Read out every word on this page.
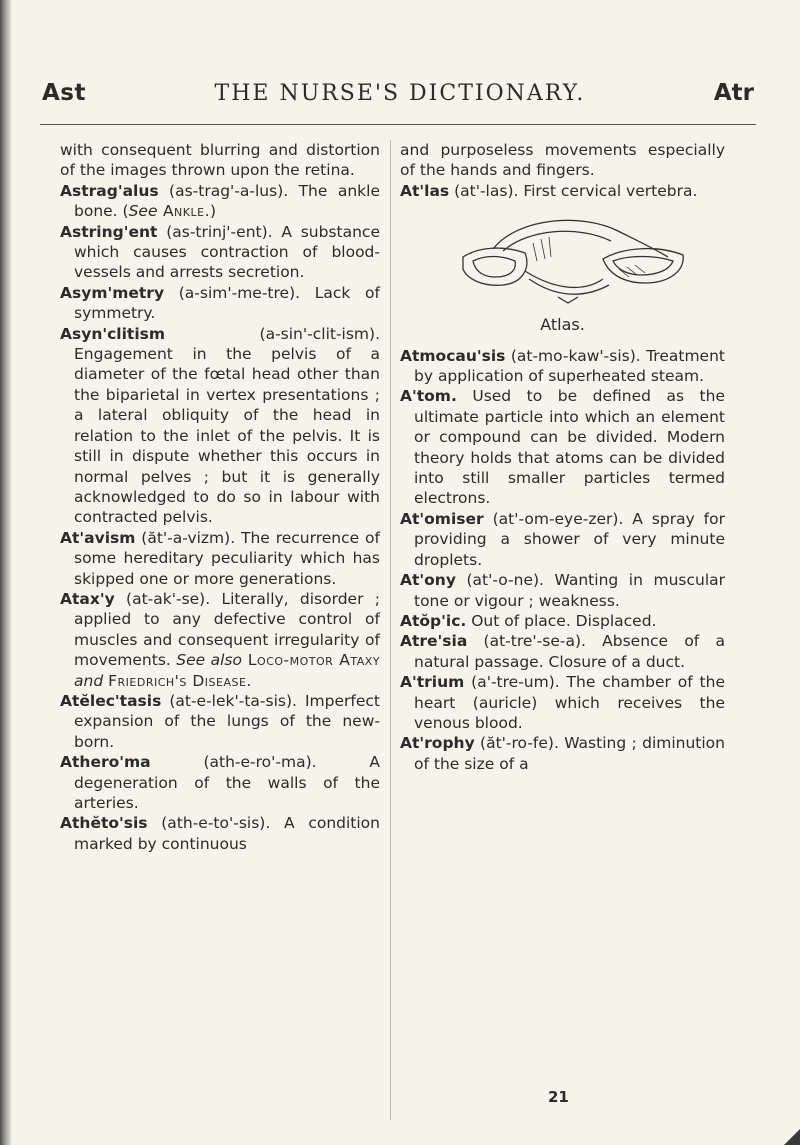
Ast	THE NURSE'S DICTIONARY.	Atr

with consequent blurring and distortion of the images thrown upon the retina.

Astrag'alus (as-trag'-a-lus). The ankle bone. (See Ankle.)

Astring'ent (as-trinj'-ent). A substance which causes contraction of blood-vessels and arrests secretion.

Asym'metry (a-sim'-me-tre). Lack of symmetry.

Asyn'clitism (a-sin'-clit-ism). Engagement in the pelvis of a diameter of the fœtal head other than the biparietal in vertex presentations ; a lateral obliquity of the head in relation to the inlet of the pelvis. It is still in dispute whether this occurs in normal pelves ; but it is generally acknowledged to do so in labour with contracted pelvis.

At'avism (ăt'-a-vizm). The recurrence of some hereditary peculiarity which has skipped one or more generations.

Atax'y (at-ak'-se). Literally, disorder ; applied to any defective control of muscles and consequent irregularity of movements. See also Loco-motor Ataxy and Friedrich's Disease.

Atĕlec'tasis (at-e-lek'-ta-sis). Imperfect expansion of the lungs of the new-born.

Athero'ma (ath-e-ro'-ma). A degeneration of the walls of the arteries.

Athĕto'sis (ath-e-to'-sis). A condition marked by continuous

and purposeless movements especially of the hands and fingers.

At'las (at'-las). First cervical vertebra.

Atlas.

Atmocau'sis (at-mo-kaw'-sis). Treatment by application of superheated steam.

A'tom. Used to be defined as the ultimate particle into which an element or compound can be divided. Modern theory holds that atoms can be divided into still smaller particles termed electrons.

At'omiser (at'-om-eye-zer). A spray for providing a shower of very minute droplets.

At'ony (at'-o-ne). Wanting in muscular tone or vigour ; weakness.

Atŏp'ic. Out of place. Displaced.

Atre'sia (at-tre'-se-a). Absence of a natural passage. Closure of a duct.

A'trium (a'-tre-um). The chamber of the heart (auricle) which receives the venous blood.

At'rophy (ăt'-ro-fe). Wasting ; diminution of the size of a

21
